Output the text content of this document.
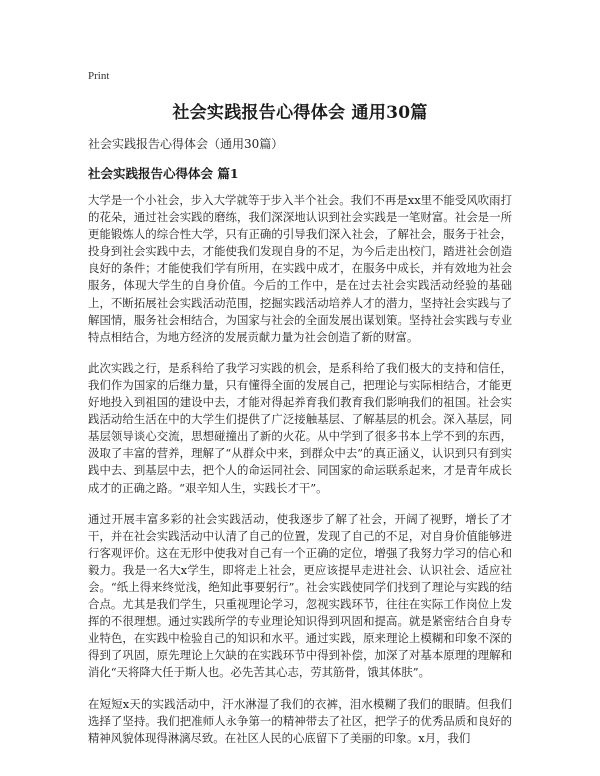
Print
社会实践报告心得体会 通用30篇
社会实践报告心得体会（通用30篇）
社会实践报告心得体会 篇1

大学是一个小社会，步入大学就等于步入半个社会。我们不再是xx里不能受风吹雨打的花朵，通过社会实践的磨练，我们深深地认识到社会实践是一笔财富。社会是一所更能锻炼人的综合性大学，只有正确的引导我们深入社会，了解社会，服务于社会，投身到社会实践中去，才能使我们发现自身的不足，为今后走出校门，踏进社会创造良好的条件；才能使我们学有所用，在实践中成才，在服务中成长，并有效地为社会服务，体现大学生的自身价值。今后的工作中，是在过去社会实践活动经验的基础上，不断拓展社会实践活动范围，挖掘实践活动培养人才的潜力，坚持社会实践与了解国情，服务社会相结合，为国家与社会的全面发展出谋划策。坚持社会实践与专业特点相结合，为地方经济的发展贡献力量为社会创造了新的财富。

此次实践之行，是系科给了我学习实践的机会，是系科给了我们极大的支持和信任，我们作为国家的后继力量，只有懂得全面的发展自己，把理论与实际相结合，才能更好地投入到祖国的建设中去，才能对得起养育我们教育我们影响我们的祖国。社会实践活动给生活在中的大学生们提供了广泛接触基层、了解基层的机会。深入基层，同基层领导谈心交流，思想碰撞出了新的火花。从中学到了很多书本上学不到的东西，汲取了丰富的营养，理解了“从群众中来，到群众中去”的真正涵义，认识到只有到实践中去、到基层中去，把个人的命运同社会、同国家的命运联系起来，才是青年成长成才的正确之路。“艰辛知人生，实践长才干”。

通过开展丰富多彩的社会实践活动，使我逐步了解了社会，开阔了视野，增长了才干，并在社会实践活动中认清了自己的位置，发现了自己的不足，对自身价值能够进行客观评价。这在无形中使我对自己有一个正确的定位，增强了我努力学习的信心和毅力。我是一名大x学生，即将走上社会，更应该提早走进社会、认识社会、适应社会。“纸上得来终觉浅，绝知此事要躬行”。社会实践使同学们找到了理论与实践的结合点。尤其是我们学生，只重视理论学习，忽视实践环节，往往在实际工作岗位上发挥的不很理想。通过实践所学的专业理论知识得到巩固和提高。就是紧密结合自身专业特色，在实践中检验自己的知识和水平。通过实践，原来理论上模糊和印象不深的得到了巩固，原先理论上欠缺的在实践环节中得到补偿，加深了对基本原理的理解和消化“天将降大任于斯人也。必先苦其心志，劳其筋骨，饿其体肤”。

在短短x天的实践活动中，汗水淋湿了我们的衣裤，泪水模糊了我们的眼睛。但我们选择了坚持。我们把准师人永争第一的精神带去了社区，把学子的优秀品质和良好的精神风貌体现得淋漓尽致。在社区人民的心底留下了美丽的印象。x月，我们
